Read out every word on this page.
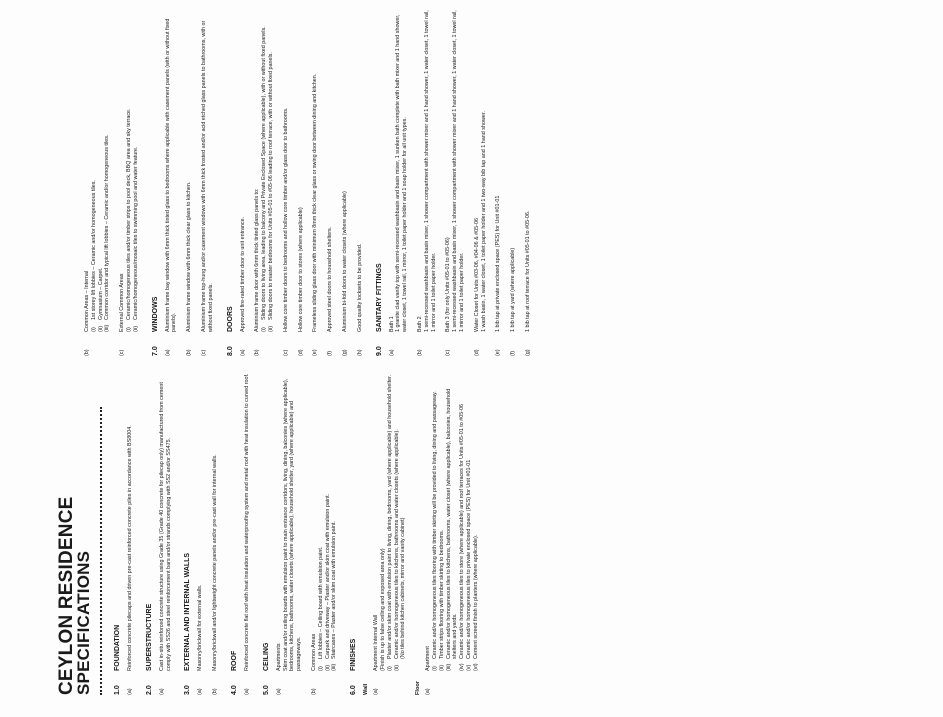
CEYLON RESIDENCE
SPECIFICATIONS	1.0
FOUNDATION
(a)
Reinforced concrete pilecaps and driven pre-cast reinforced concrete piles in accordance with BS8004.
2.0
SUPERSTRUCTURE
(a)
Cast in-situ reinforced concrete structure using Grade 35 (Grade 40 concrete for pilecap only) manufactured from cement comply with SS26 and steel reinforcement bars and/or strands complying with SS2 and/or SS475.
3.0
EXTERNAL AND INTERNAL WALLS
(a)
Masonry/brickwall for external walls.
(b)
Masonry/brickwall and/or lightweight concrete panels and/or pre-cast wall for internal walls.
4.0
ROOF
(a)
Reinforced concrete flat roof with heat insulation and waterproofing system and metal roof with heat insulation to curved roof.
5.0
CEILING
(a)
Apartments Skim coat and/or ceiling boards with emulsion paint to main entrance corridors, living, dining, balconies (where applicable), bedrooms, kitchens, bathrooms, water closets (where applicable), household shelter, yard (where applicable) and passageways.
(b)
Common Areas (i)
Lift lobbies – Ceiling board with emulsion paint.
(ii)
Carpark and driveway – Plaster and/or skim coat with emulsion paint.
(iii)
Staircases – Plaster and/or skim coat with emulsion paint.
6.0
FINISHES
Wall (a)
Apartment Internal Wall (Finish is up to false ceiling and exposed area only) (i)
Plaster and/or skim coat with emulsion paint to living, dining, bedrooms, yard (where applicable) and household shelter.
(ii)
Ceramic and/or homogeneous tiles to kitchens, bathrooms and water closets (where applicable). (No tiles behind kitchen cabinets, mirror and vanity cabinet)
Floor (a)
Apartment (i)
Ceramic and/or homogeneous tiles flooring with timber skirting will be provided to living, dining and passageway.
(ii)
Timber strips flooring with timber skirting to bedrooms.
(iii)
Ceramic and/or homogeneous tiles to kitchens, bathrooms, water closet (where applicable), balconies, household shelters and yards.
(iv)
Ceramic and/or homogeneous tiles to store (where applicable) and roof terraces for Units #05-01 to #05-06
(v)
Ceramic and/or homogeneous tiles to private enclosed space (PES) for Unit #01-01
(vi)
Cement screed finish to planters (where applicable).
(b)
Common Areas – Internal (i)
1st storey lift lobbies – Ceramic and/or homogeneous tiles.
(ii)
Gymnasium – Carpet.
(iii)
Common corridor and typical lift lobbies – Ceramic and/or homogeneous tiles.
(c)
External Common Areas (i)
Ceramic/homogeneous tiles and/or timber strips to pool deck, BBQ area and sky terrace.
(ii)
Ceramic/homogeneous/mosaic tiles to swimming pool and water feature.
7.0
WINDOWS
(a)
Aluminium frame bay window with 6mm thick tinted glass to bedrooms where applicable with casement panels (with or without fixed panels).
(b)
Aluminium frame window with 6mm thick clear glass to kitchen.
(c)
Aluminium frame top-hung and/or casement windows with 6mm thick frosted and/or acid etched glass panels to bathrooms, with or without fixed panels.
8.0
DOORS
(a)
Approved fire-rated timber door to unit entrance.
(b)
Aluminium frame door with 6mm thick tinted glass panels to: (i)
Sliding doors to living area, leading to balcony and Private Enclosed Space (where applicable), with or without fixed panels.
(ii)
Sliding doors to master bedrooms for Units #05-01 to #05-06 leading to roof terrace, with or without fixed panels.
(c)
Hollow core timber doors to bedrooms and hollow core timber and/or glass door to bathrooms.
(d)
Hollow core timber door to stores (where applicable)
(e)
Frameless sliding glass door with minimum 8mm thick clear glass or swing door between dining and kitchen.
(f)
Approved steel doors to household shelters.
(g)
Aluminium bi-fold doors to water closets (where applicable)
(h)
Good quality locksets to be provided.
9.0
SANITARY FITTINGS
(a)
Bath 1 1 granite clad vanity top with semi-recessed washbasin and basin mixer, 1 sunken bath complete with bath mixer and 1 hand shower, water closet, 1 towel rail, 1 mirror, 1 toilet paper holder and 1 soap holder for all unit types.
(b)
Bath 2 1 semi-recessed washbasin and basin mixer, 1 shower compartment with shower mixer and 1 hand shower, 1 water closet, 1 towel rail, 1 mirror and 1 toilet paper holder.
(c)
Bath 3 (for only Units #05-01 to #05-06) 1 semi-recessed washbasin and basin mixer, 1 shower compartment with shower mixer and 1 hand shower, 1 water closet, 1 towel rail, 1 mirror and 1 toilet paper holder.
(d)
Water Closet for Units #03-06, #04-06 & #05-06 1 wash basin, 1 water closet, 1 toilet paper holder and 1 two-way bib tap and 1 hand shower.
(e)
1 bib tap at private enclosed space (PES) for Unit #01-01
(f)
1 bib tap at yard (where applicable)
(g)
1 bib tap at roof terrace for Units #05-01 to #05-06.
